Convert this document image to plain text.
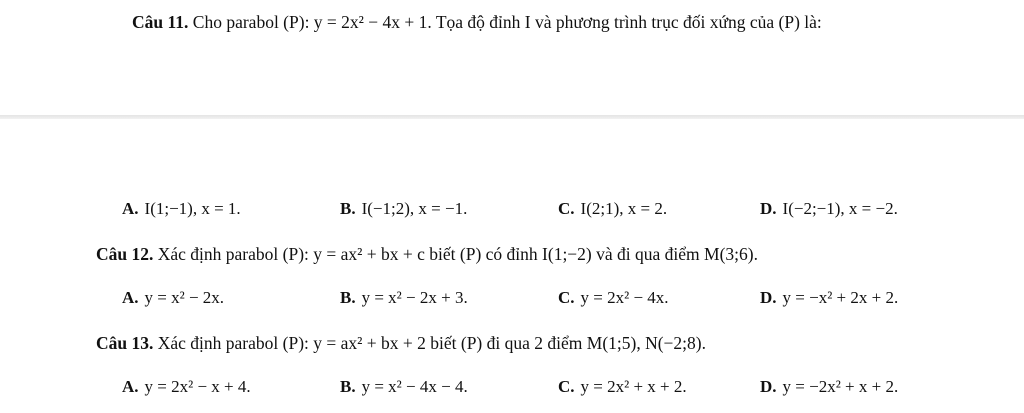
Câu 11. Cho parabol (P): y = 2x² − 4x + 1. Tọa độ đỉnh I và phương trình trục đối xứng của (P) là:
A. I(1;−1), x = 1.	B. I(−1;2), x = −1.	C. I(2;1), x = 2.	D. I(−2;−1), x = −2.
Câu 12. Xác định parabol (P): y = ax² + bx + c biết (P) có đỉnh I(1;−2) và đi qua điểm M(3;6).
A. y = x² − 2x.	B. y = x² − 2x + 3.	C. y = 2x² − 4x.	D. y = −x² + 2x + 2.
Câu 13. Xác định parabol (P): y = ax² + bx + 2 biết (P) đi qua 2 điểm M(1;5), N(−2;8).
A. y = 2x² − x + 4.	B. y = x² − 4x − 4.	C. y = 2x² + x + 2.	D. y = −2x² + x + 2.
